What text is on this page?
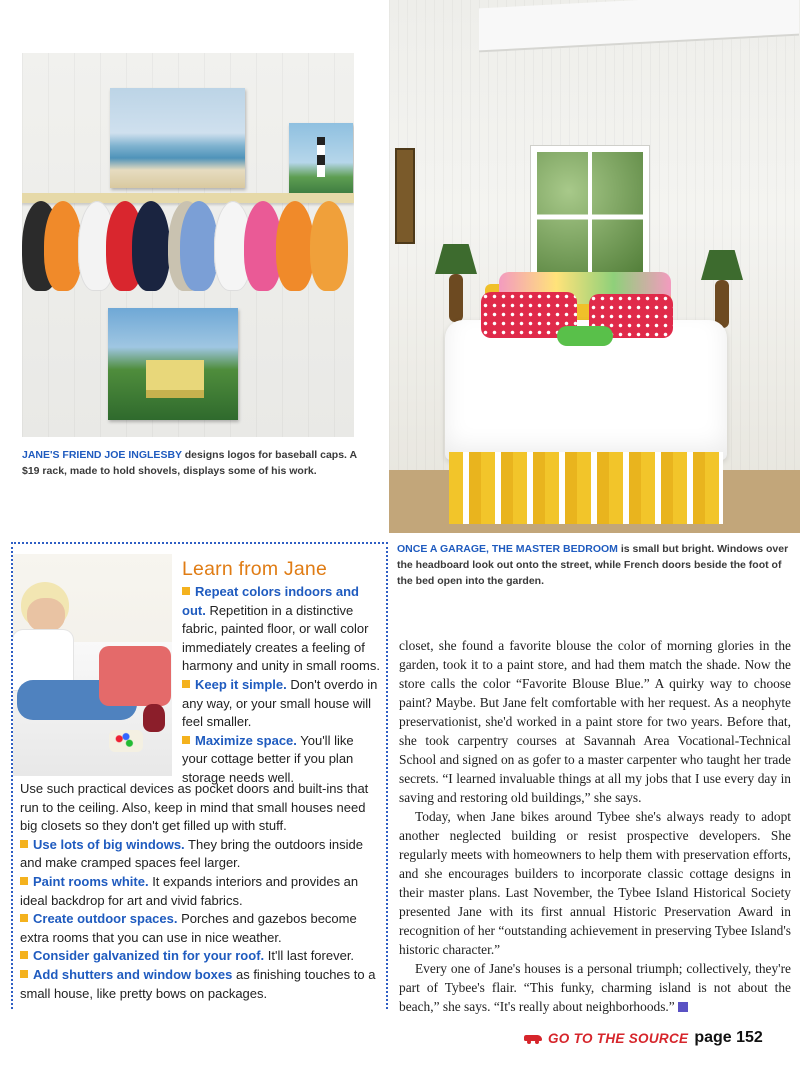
JANE'S FRIEND JOE INGLESBY designs logos for baseball caps. A $19 rack, made to hold shovels, displays some of his work.

ONCE A GARAGE, THE MASTER BEDROOM is small but bright. Windows over the headboard look out onto the street, while French doors beside the foot of the bed open into the garden.

Learn from Jane

Repeat colors indoors and out. Repetition in a distinctive fabric, painted floor, or wall color immediately creates a feeling of harmony and unity in small rooms.

Keep it simple. Don't overdo in any way, or your small house will feel smaller.

Maximize space. You'll like your cottage better if you plan storage needs well.

Use such practical devices as pocket doors and built-ins that run to the ceiling. Also, keep in mind that small houses need big closets so they don't get filled up with stuff.

Use lots of big windows. They bring the outdoors inside and make cramped spaces feel larger.

Paint rooms white. It expands interiors and provides an ideal backdrop for art and vivid fabrics.

Create outdoor spaces. Porches and gazebos become extra rooms that you can use in nice weather.

Consider galvanized tin for your roof. It'll last forever.

Add shutters and window boxes as finishing touches to a small house, like pretty bows on packages.

closet, she found a favorite blouse the color of morning glories in the garden, took it to a paint store, and had them match the shade. Now the store calls the color “Favorite Blouse Blue.” A quirky way to choose paint? Maybe. But Jane felt comfortable with her request. As a neophyte preservationist, she'd worked in a paint store for two years. Before that, she took carpentry courses at Savannah Area Vocational-Technical School and signed on as gofer to a master carpenter who taught her trade secrets. “I learned invaluable things at all my jobs that I use every day in saving and restoring old buildings,” she says.

Today, when Jane bikes around Tybee she's always ready to adopt another neglected building or resist prospective developers. She regularly meets with homeowners to help them with preservation efforts, and she encourages builders to incorporate classic cottage designs in their master plans. Last November, the Tybee Island Historical Society presented Jane with its first annual Historic Preservation Award in recognition of her “outstanding achievement in preserving Tybee Island's historic character.”

Every one of Jane's houses is a personal triumph; collectively, they're part of Tybee's flair. “This funky, charming island is not about the beach,” she says. “It's really about neighborhoods.”

GO TO THE SOURCE page 152
